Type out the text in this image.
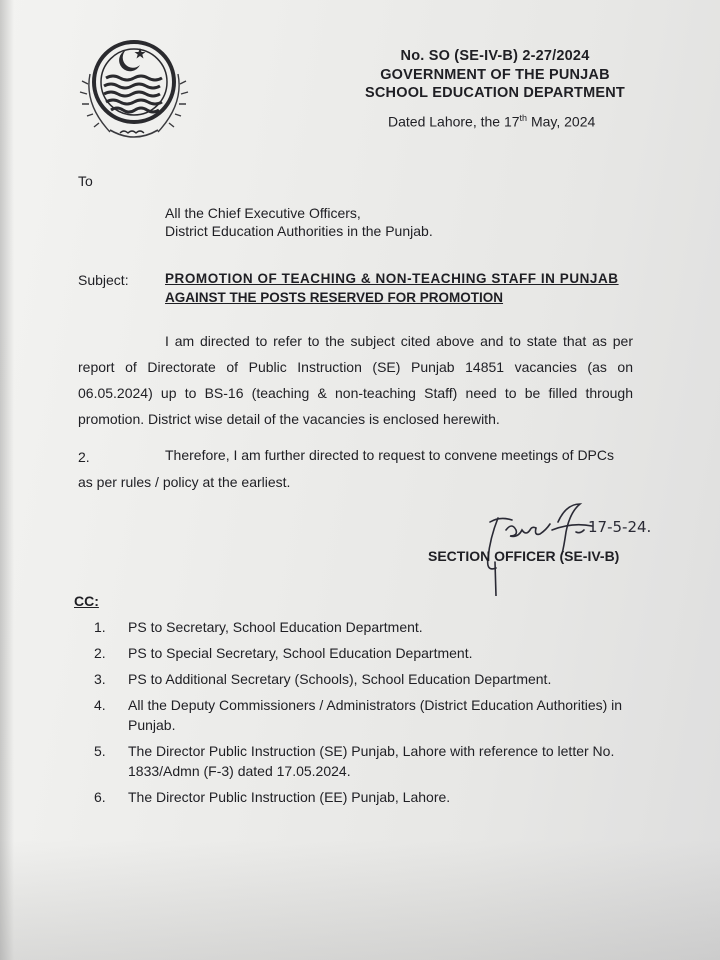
No. SO (SE-IV-B) 2-27/2024
GOVERNMENT OF THE PUNJAB
SCHOOL EDUCATION DEPARTMENT
Dated Lahore, the 17th May, 2024
To
All the Chief Executive Officers,
District Education Authorities in the Punjab.
Subject:	PROMOTION OF TEACHING & NON-TEACHING STAFF IN PUNJAB
AGAINST THE POSTS RESERVED FOR PROMOTION
I am directed to refer to the subject cited above and to state that as per
report of Directorate of Public Instruction (SE) Punjab 14851 vacancies (as on
06.05.2024) up to BS-16 (teaching & non-teaching Staff) need to be filled through
promotion. District wise detail of the vacancies is enclosed herewith.
2.	Therefore, I am further directed to request to convene meetings of DPCs
as per rules / policy at the earliest.
17-5-24.
SECTION OFFICER (SE-IV-B)
CC:
1.	PS to Secretary, School Education Department.
2.	PS to Special Secretary, School Education Department.
3.	PS to Additional Secretary (Schools), School Education Department.
4.	All the Deputy Commissioners / Administrators (District Education Authorities) in Punjab.
5.	The Director Public Instruction (SE) Punjab, Lahore with reference to letter No. 1833/Admn (F-3) dated 17.05.2024.
6.	The Director Public Instruction (EE) Punjab, Lahore.
